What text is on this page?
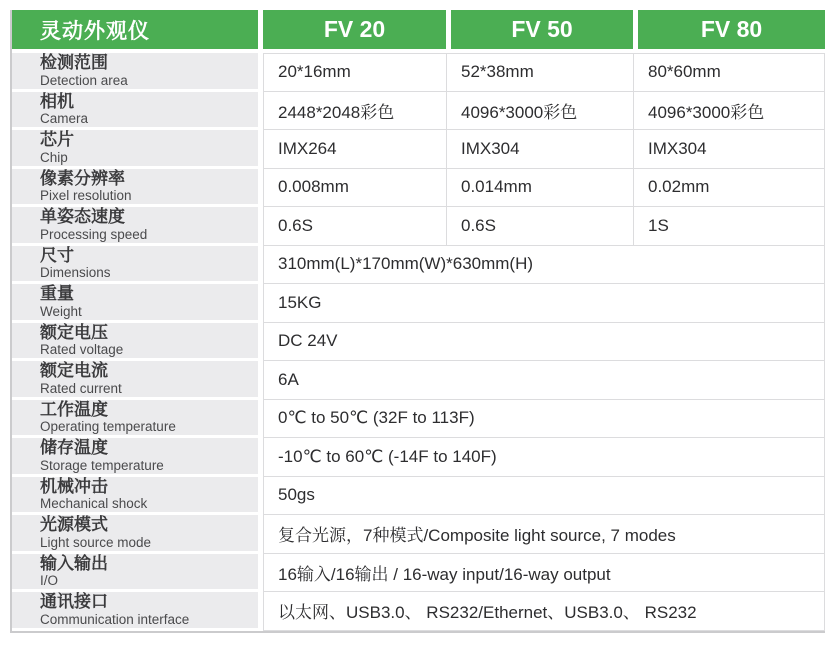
灵动外观仪	FV 20	FV 50	FV 80
检测范围
Detection area	20*16mm	52*38mm	80*60mm
相机
Camera	2448*2048彩色	4096*3000彩色	4096*3000彩色
芯片
Chip	IMX264	IMX304	IMX304
像素分辨率
Pixel resolution	0.008mm	0.014mm	0.02mm
单姿态速度
Processing speed	0.6S	0.6S	1S
尺寸
Dimensions	310mm(L)*170mm(W)*630mm(H)
重量
Weight	15KG
额定电压
Rated voltage	DC 24V
额定电流
Rated current	6A
工作温度
Operating temperature	0℃ to 50℃ (32F to 113F)
储存温度
Storage temperature	-10℃ to 60℃ (-14F to 140F)
机械冲击
Mechanical shock	50gs
光源模式
Light source mode	复合光源，7种模式/Composite light source, 7 modes
输入输出
I/O	16输入/16输出 / 16-way input/16-way output
通讯接口
Communication interface	以太网、USB3.0、 RS232/Ethernet、USB3.0、 RS232
